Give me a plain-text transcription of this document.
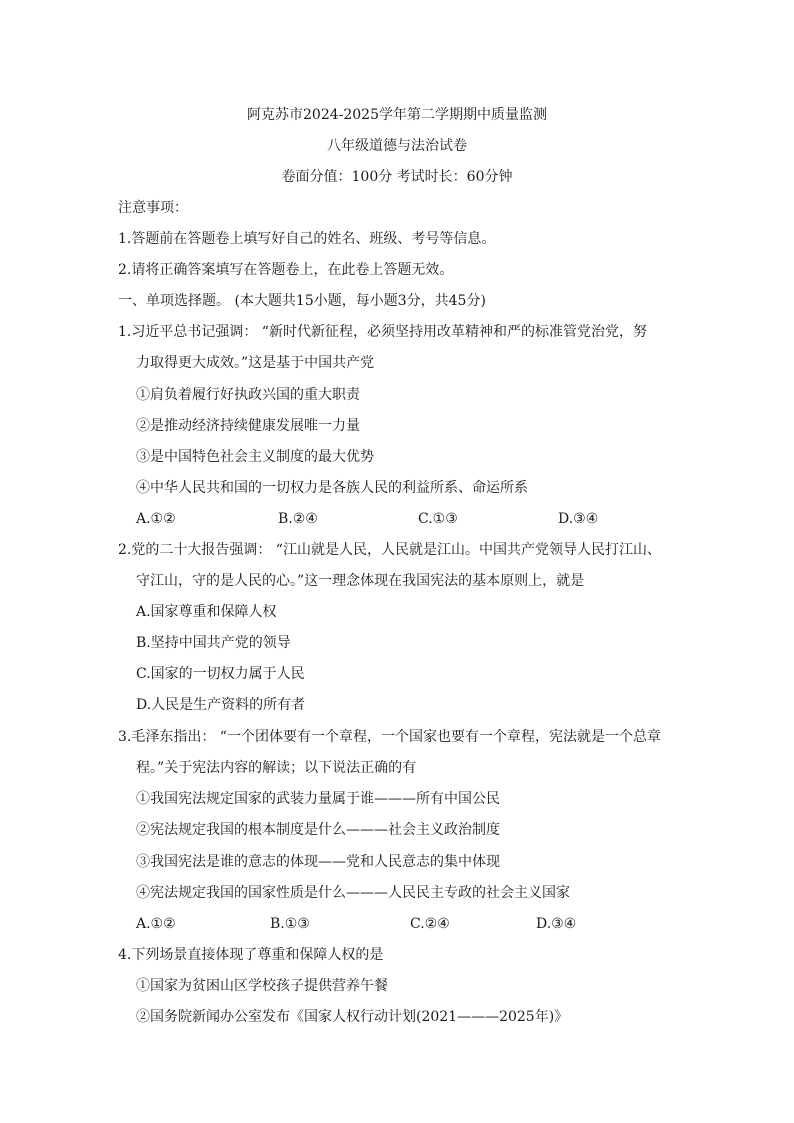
阿克苏市2024-2025学年第二学期期中质量监测
八年级道德与法治试卷
卷面分值：100分 考试时长：60分钟
注意事项：
1.答题前在答题卷上填写好自己的姓名、班级、考号等信息。
2.请将正确答案填写在答题卷上，在此卷上答题无效。
一、单项选择题。 (本大题共15小题，每小题3分，共45分)
1.习近平总书记强调： “新时代新征程，必须坚持用改革精神和严的标准管党治党，努
力取得更大成效。”这是基于中国共产党
①肩负着履行好执政兴国的重大职责
②是推动经济持续健康发展唯一力量
③是中国特色社会主义制度的最大优势
④中华人民共和国的一切权力是各族人民的利益所系、命运所系
A.①②	B.②④	C.①③	D.③④
2.党的二十大报告强调： “江山就是人民，人民就是江山。中国共产党领导人民打江山、
守江山，守的是人民的心。”这一理念体现在我国宪法的基本原则上，就是
A.国家尊重和保障人权
B.坚持中国共产党的领导
C.国家的一切权力属于人民
D.人民是生产资料的所有者
3.毛泽东指出： “一个团体要有一个章程，一个国家也要有一个章程，宪法就是一个总章
程。”关于宪法内容的解读；以下说法正确的有
①我国宪法规定国家的武装力量属于谁———所有中国公民
②宪法规定我国的根本制度是什么———社会主义政治制度
③我国宪法是谁的意志的体现——党和人民意志的集中体现
④宪法规定我国的国家性质是什么———人民民主专政的社会主义国家
A.①②	B.①③	C.②④	D.③④
4.下列场景直接体现了尊重和保障人权的是
①国家为贫困山区学校孩子提供营养午餐
②国务院新闻办公室发布《国家人权行动计划(2021———2025年)》
